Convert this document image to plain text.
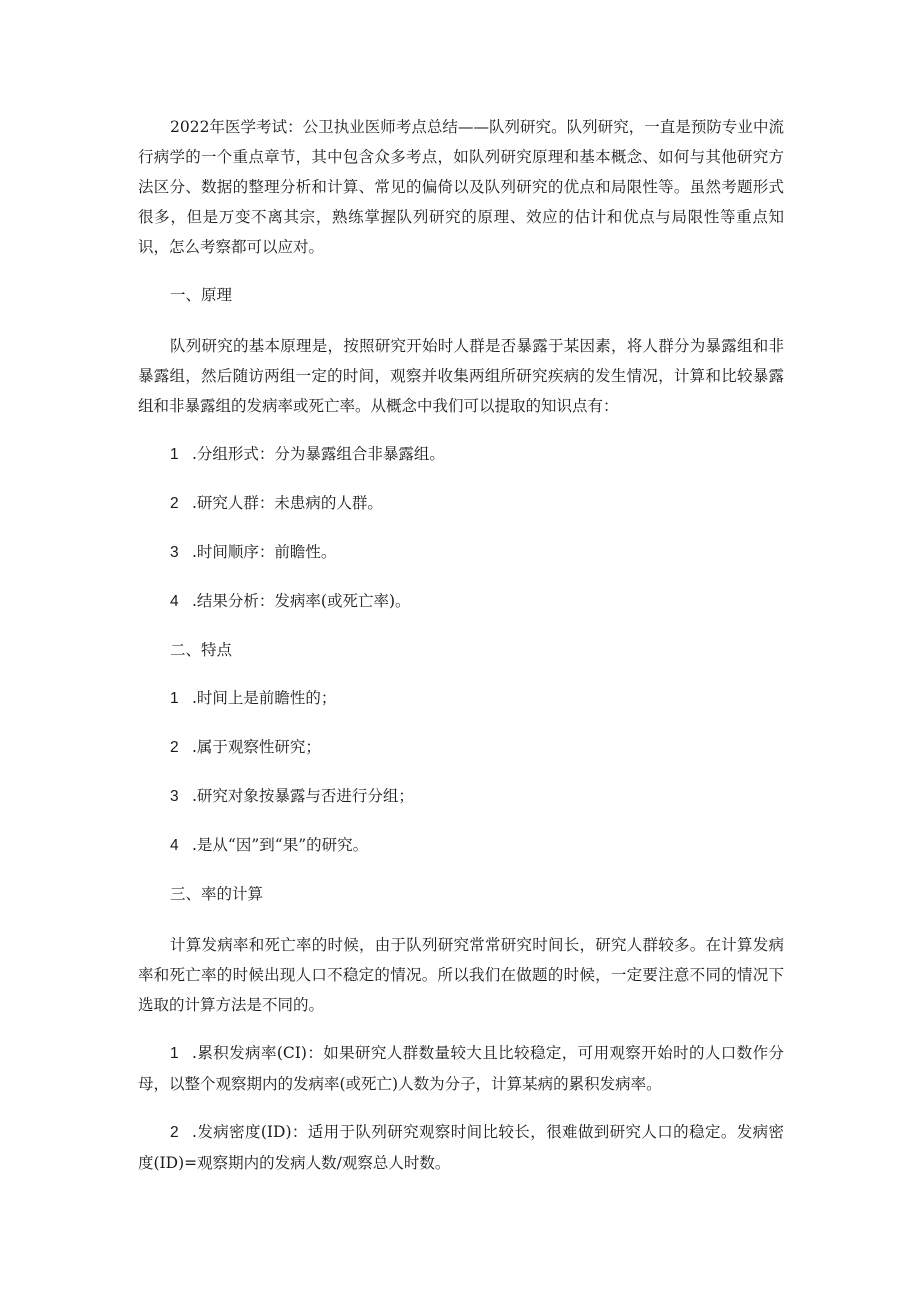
2022年医学考试：公卫执业医师考点总结——队列研究。队列研究，一直是预防专业中流行病学的一个重点章节，其中包含众多考点，如队列研究原理和基本概念、如何与其他研究方法区分、数据的整理分析和计算、常见的偏倚以及队列研究的优点和局限性等。虽然考题形式很多，但是万变不离其宗，熟练掌握队列研究的原理、效应的估计和优点与局限性等重点知识，怎么考察都可以应对。

一、原理

队列研究的基本原理是，按照研究开始时人群是否暴露于某因素，将人群分为暴露组和非暴露组，然后随访两组一定的时间，观察并收集两组所研究疾病的发生情况，计算和比较暴露组和非暴露组的发病率或死亡率。从概念中我们可以提取的知识点有：

1 .分组形式：分为暴露组合非暴露组。

2 .研究人群：未患病的人群。

3 .时间顺序：前瞻性。

4 .结果分析：发病率(或死亡率)。

二、特点

1 .时间上是前瞻性的；

2 .属于观察性研究；

3 .研究对象按暴露与否进行分组；

4 .是从“因”到“果”的研究。

三、率的计算

计算发病率和死亡率的时候，由于队列研究常常研究时间长，研究人群较多。在计算发病率和死亡率的时候出现人口不稳定的情况。所以我们在做题的时候，一定要注意不同的情况下选取的计算方法是不同的。

1 .累积发病率(CI)：如果研究人群数量较大且比较稳定，可用观察开始时的人口数作分母，以整个观察期内的发病率(或死亡)人数为分子，计算某病的累积发病率。

2 .发病密度(ID)：适用于队列研究观察时间比较长，很难做到研究人口的稳定。发病密度(ID)=观察期内的发病人数/观察总人时数。
